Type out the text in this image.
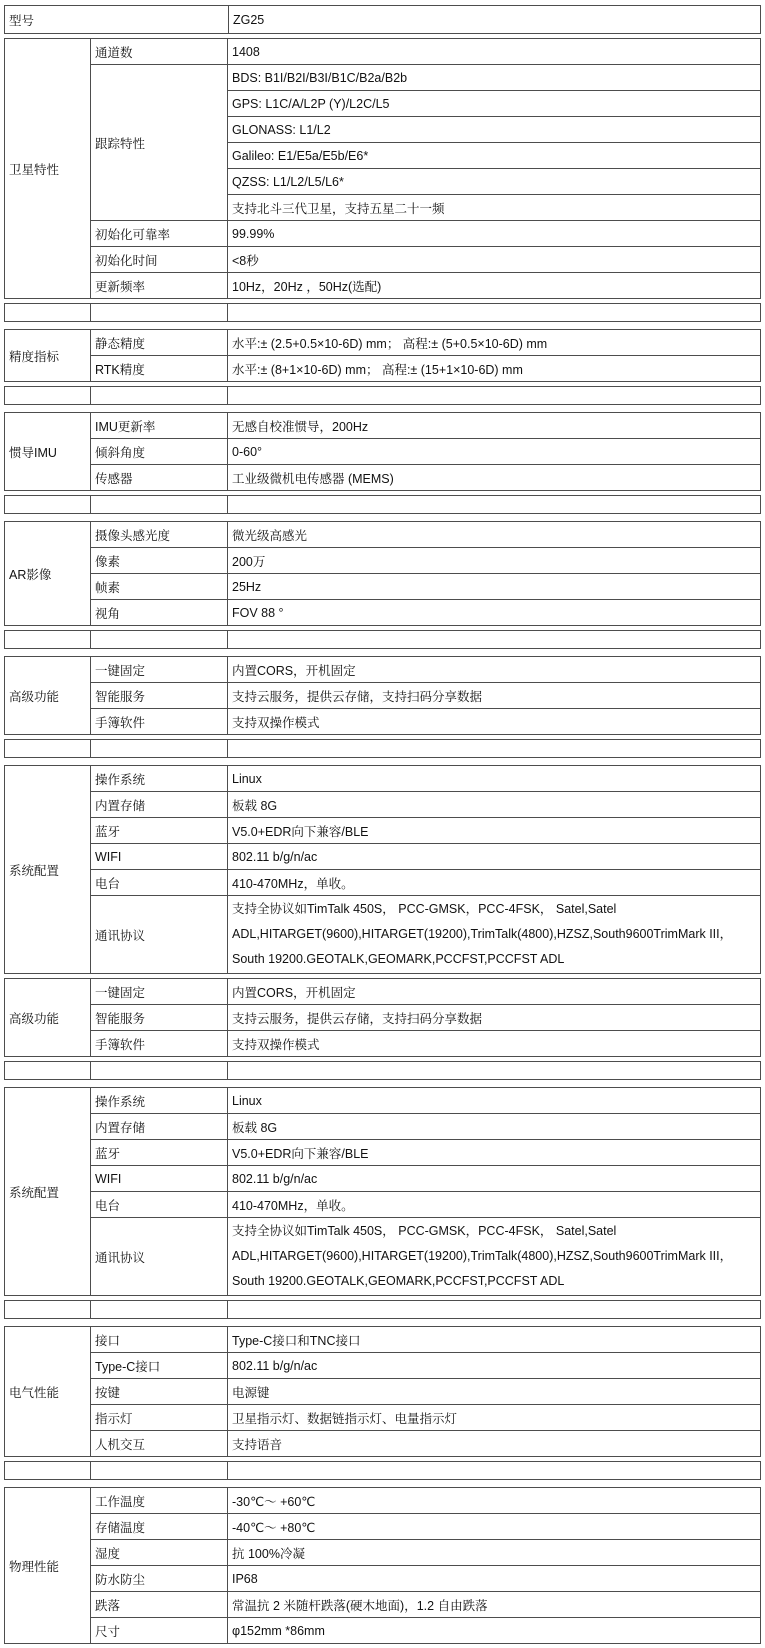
型号	ZG25
卫星特性	通道数	1408
	跟踪特性	BDS: B1I/B2I/B3I/B1C/B2a/B2b
		GPS: L1C/A/L2P (Y)/L2C/L5
		GLONASS: L1/L2
		Galileo: E1/E5a/E5b/E6*
		QZSS: L1/L2/L5/L6*
		支持北斗三代卫星，支持五星二十一频
	初始化可靠率	99.99%
	初始化时间	<8秒
	更新频率	10Hz，20Hz ，50Hz(选配)

精度指标	静态精度	水平:± (2.5+0.5×10-6D) mm； 高程:± (5+0.5×10-6D) mm
	RTK精度	水平:± (8+1×10-6D) mm； 高程:± (15+1×10-6D) mm

惯导IMU	IMU更新率	无感自校准惯导，200Hz
	倾斜角度	0-60°
	传感器	工业级微机电传感器 (MEMS)

AR影像	摄像头感光度	微光级高感光
	像素	200万
	帧素	25Hz
	视角	FOV 88 °

高级功能	一键固定	内置CORS，开机固定
	智能服务	支持云服务，提供云存储，支持扫码分享数据
	手簿软件	支持双操作模式

系统配置	操作系统	Linux
	内置存储	板载 8G
	蓝牙	V5.0+EDR向下兼容/BLE
	WIFI	802.11 b/g/n/ac
	电台	410-470MHz，单收。
	通讯协议	支持全协议如TimTalk 450S， PCC-GMSK，PCC-4FSK， Satel,Satel ADL,HITARGET(9600),HITARGET(19200),TrimTalk(4800),HZSZ,South9600TrimMark III，South 19200.GEOTALK,GEOMARK,PCCFST,PCCFST ADL
高级功能	一键固定	内置CORS，开机固定
	智能服务	支持云服务，提供云存储，支持扫码分享数据
	手簿软件	支持双操作模式

系统配置	操作系统	Linux
	内置存储	板载 8G
	蓝牙	V5.0+EDR向下兼容/BLE
	WIFI	802.11 b/g/n/ac
	电台	410-470MHz，单收。
	通讯协议	支持全协议如TimTalk 450S， PCC-GMSK，PCC-4FSK， Satel,Satel ADL,HITARGET(9600),HITARGET(19200),TrimTalk(4800),HZSZ,South9600TrimMark III，South 19200.GEOTALK,GEOMARK,PCCFST,PCCFST ADL

电气性能	接口	Type-C接口和TNC接口
	Type-C接口	802.11 b/g/n/ac
	按键	电源键
	指示灯	卫星指示灯、数据链指示灯、电量指示灯
	人机交互	支持语音

物理性能	工作温度	-30℃～ +60℃
	存储温度	-40℃～ +80℃
	湿度	抗 100%冷凝
	防水防尘	IP68
	跌落	常温抗 2 米随杆跌落(硬木地面)，1.2 自由跌落
	尺寸	φ152mm *86mm
